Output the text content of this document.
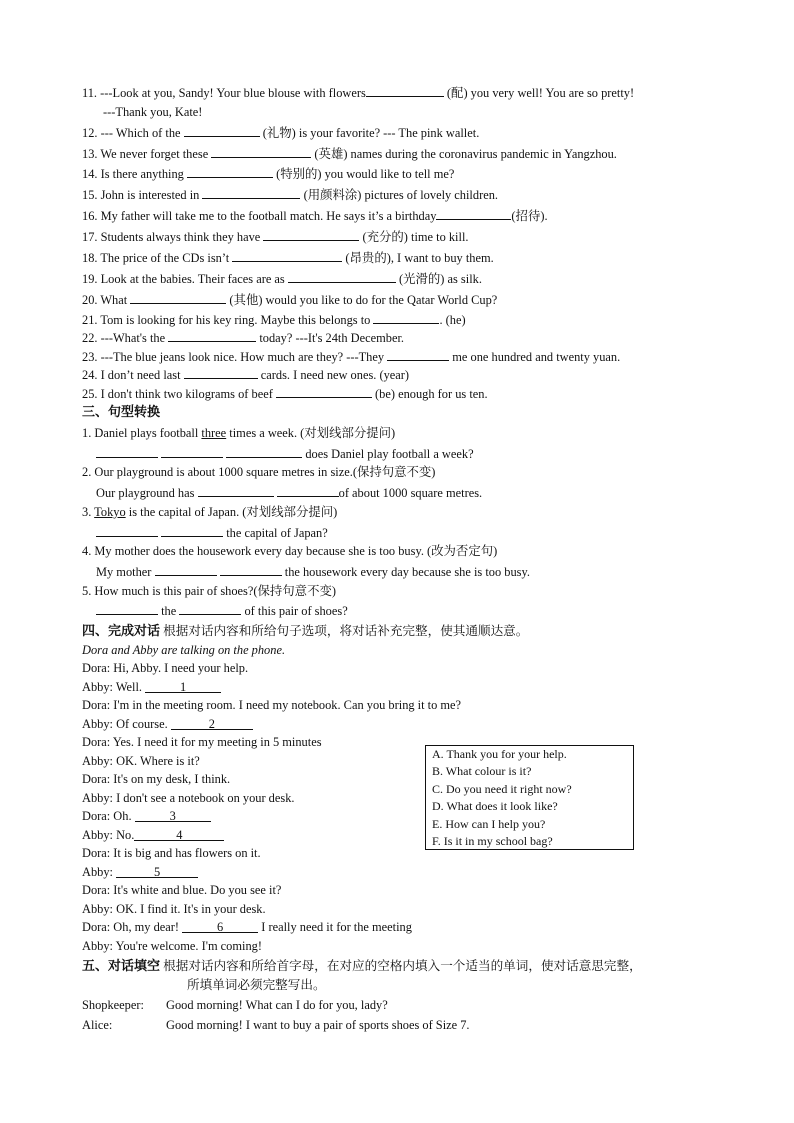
11. ---Look at you, Sandy! Your blue blouse with flowers	(配) you very well! You are so pretty!
---Thank you, Kate!
12. --- Which of the	(礼物) is your favorite? --- The pink wallet.
13. We never forget these	(英雄) names during the coronavirus pandemic in Yangzhou.
14. Is there anything	(特别的) you would like to tell me?
15. John is interested in	(用颜料涂) pictures of lovely children.
16. My father will take me to the football match. He says it’s a birthday	(招待).
17. Students always think they have	(充分的) time to kill.
18. The price of the CDs isn’t	(昂贵的), I want to buy them.
19. Look at the babies. Their faces are as	(光滑的) as silk.
20. What	(其他) would you like to do for the Qatar World Cup?
21. Tom is looking for his key ring. Maybe this belongs to	. (he)
22. ---What's the	today? ---It's 24th December.
23. ---The blue jeans look nice. How much are they? ---They	me one hundred and twenty yuan.
24. I don’t need last	cards. I need new ones. (year)
25. I don't think two kilograms of beef	(be) enough for us ten.
三、句型转换
1. Daniel plays football three times a week. (对划线部分提问)
does Daniel play football a week?
2. Our playground is about 1000 square metres in size.(保持句意不变)
Our playground has	of about 1000 square metres.
3. Tokyo is the capital of Japan. (对划线部分提问)
the capital of Japan?
4. My mother does the housework every day because she is too busy. (改为否定句)
My mother	the housework every day because she is too busy.
5. How much is this pair of shoes?(保持句意不变)
the	of this pair of shoes?
四、完成对话 根据对话内容和所给句子选项，将对话补充完整，使其通顺达意。
Dora and Abby are talking on the phone.
Dora: Hi, Abby. I need your help.
Abby: Well.	1
Dora: I'm in the meeting room. I need my notebook. Can you bring it to me?
Abby: Of course.	2
Dora: Yes. I need it for my meeting in 5 minutes
Abby: OK. Where is it?
Dora: It's on my desk, I think.
Abby: I don't see a notebook on your desk.
Dora: Oh.	3
Abby: No.	4
Dora: It is big and has flowers on it.
Abby:	5
Dora: It's white and blue. Do you see it?
Abby: OK. I find it. It's in your desk.
Dora: Oh, my dear!	6	I really need it for the meeting
Abby: You're welcome. I'm coming!
A. Thank you for your help.
B. What colour is it?
C. Do you need it right now?
D. What does it look like?
E. How can I help you?
F. Is it in my school bag?
五、对话填空 根据对话内容和所给首字母，在对应的空格内填入一个适当的单词，使对话意思完整，
所填单词必须完整写出。
Shopkeeper: Good morning! What can I do for you, lady?
Alice:	Good morning! I want to buy a pair of sports shoes of Size 7.
